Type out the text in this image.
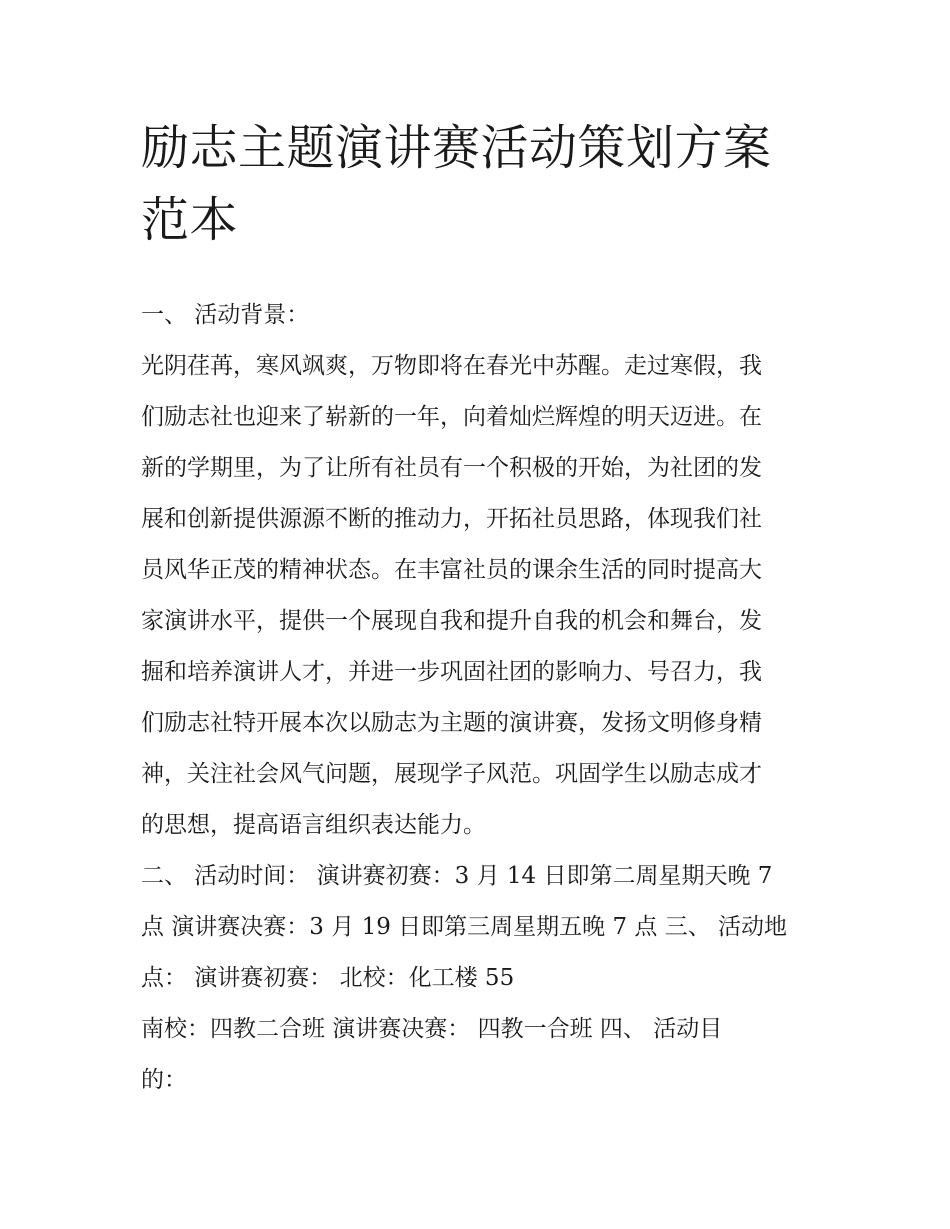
励志主题演讲赛活动策划方案
范本

一、 活动背景：

光阴荏苒，寒风飒爽，万物即将在春光中苏醒。走过寒假，我

们励志社也迎来了崭新的一年，向着灿烂辉煌的明天迈进。在

新的学期里，为了让所有社员有一个积极的开始，为社团的发

展和创新提供源源不断的推动力，开拓社员思路，体现我们社

员风华正茂的精神状态。在丰富社员的课余生活的同时提高大

家演讲水平，提供一个展现自我和提升自我的机会和舞台，发

掘和培养演讲人才，并进一步巩固社团的影响力、号召力，我

们励志社特开展本次以励志为主题的演讲赛，发扬文明修身精

神，关注社会风气问题，展现学子风范。巩固学生以励志成才

的思想，提高语言组织表达能力。

二、 活动时间： 演讲赛初赛：3 月 14 日即第二周星期天晚 7

点 演讲赛决赛：3 月 19 日即第三周星期五晚 7 点 三、 活动地

点： 演讲赛初赛： 北校：化工楼 55

南校：四教二合班 演讲赛决赛： 四教一合班 四、 活动目

的：
